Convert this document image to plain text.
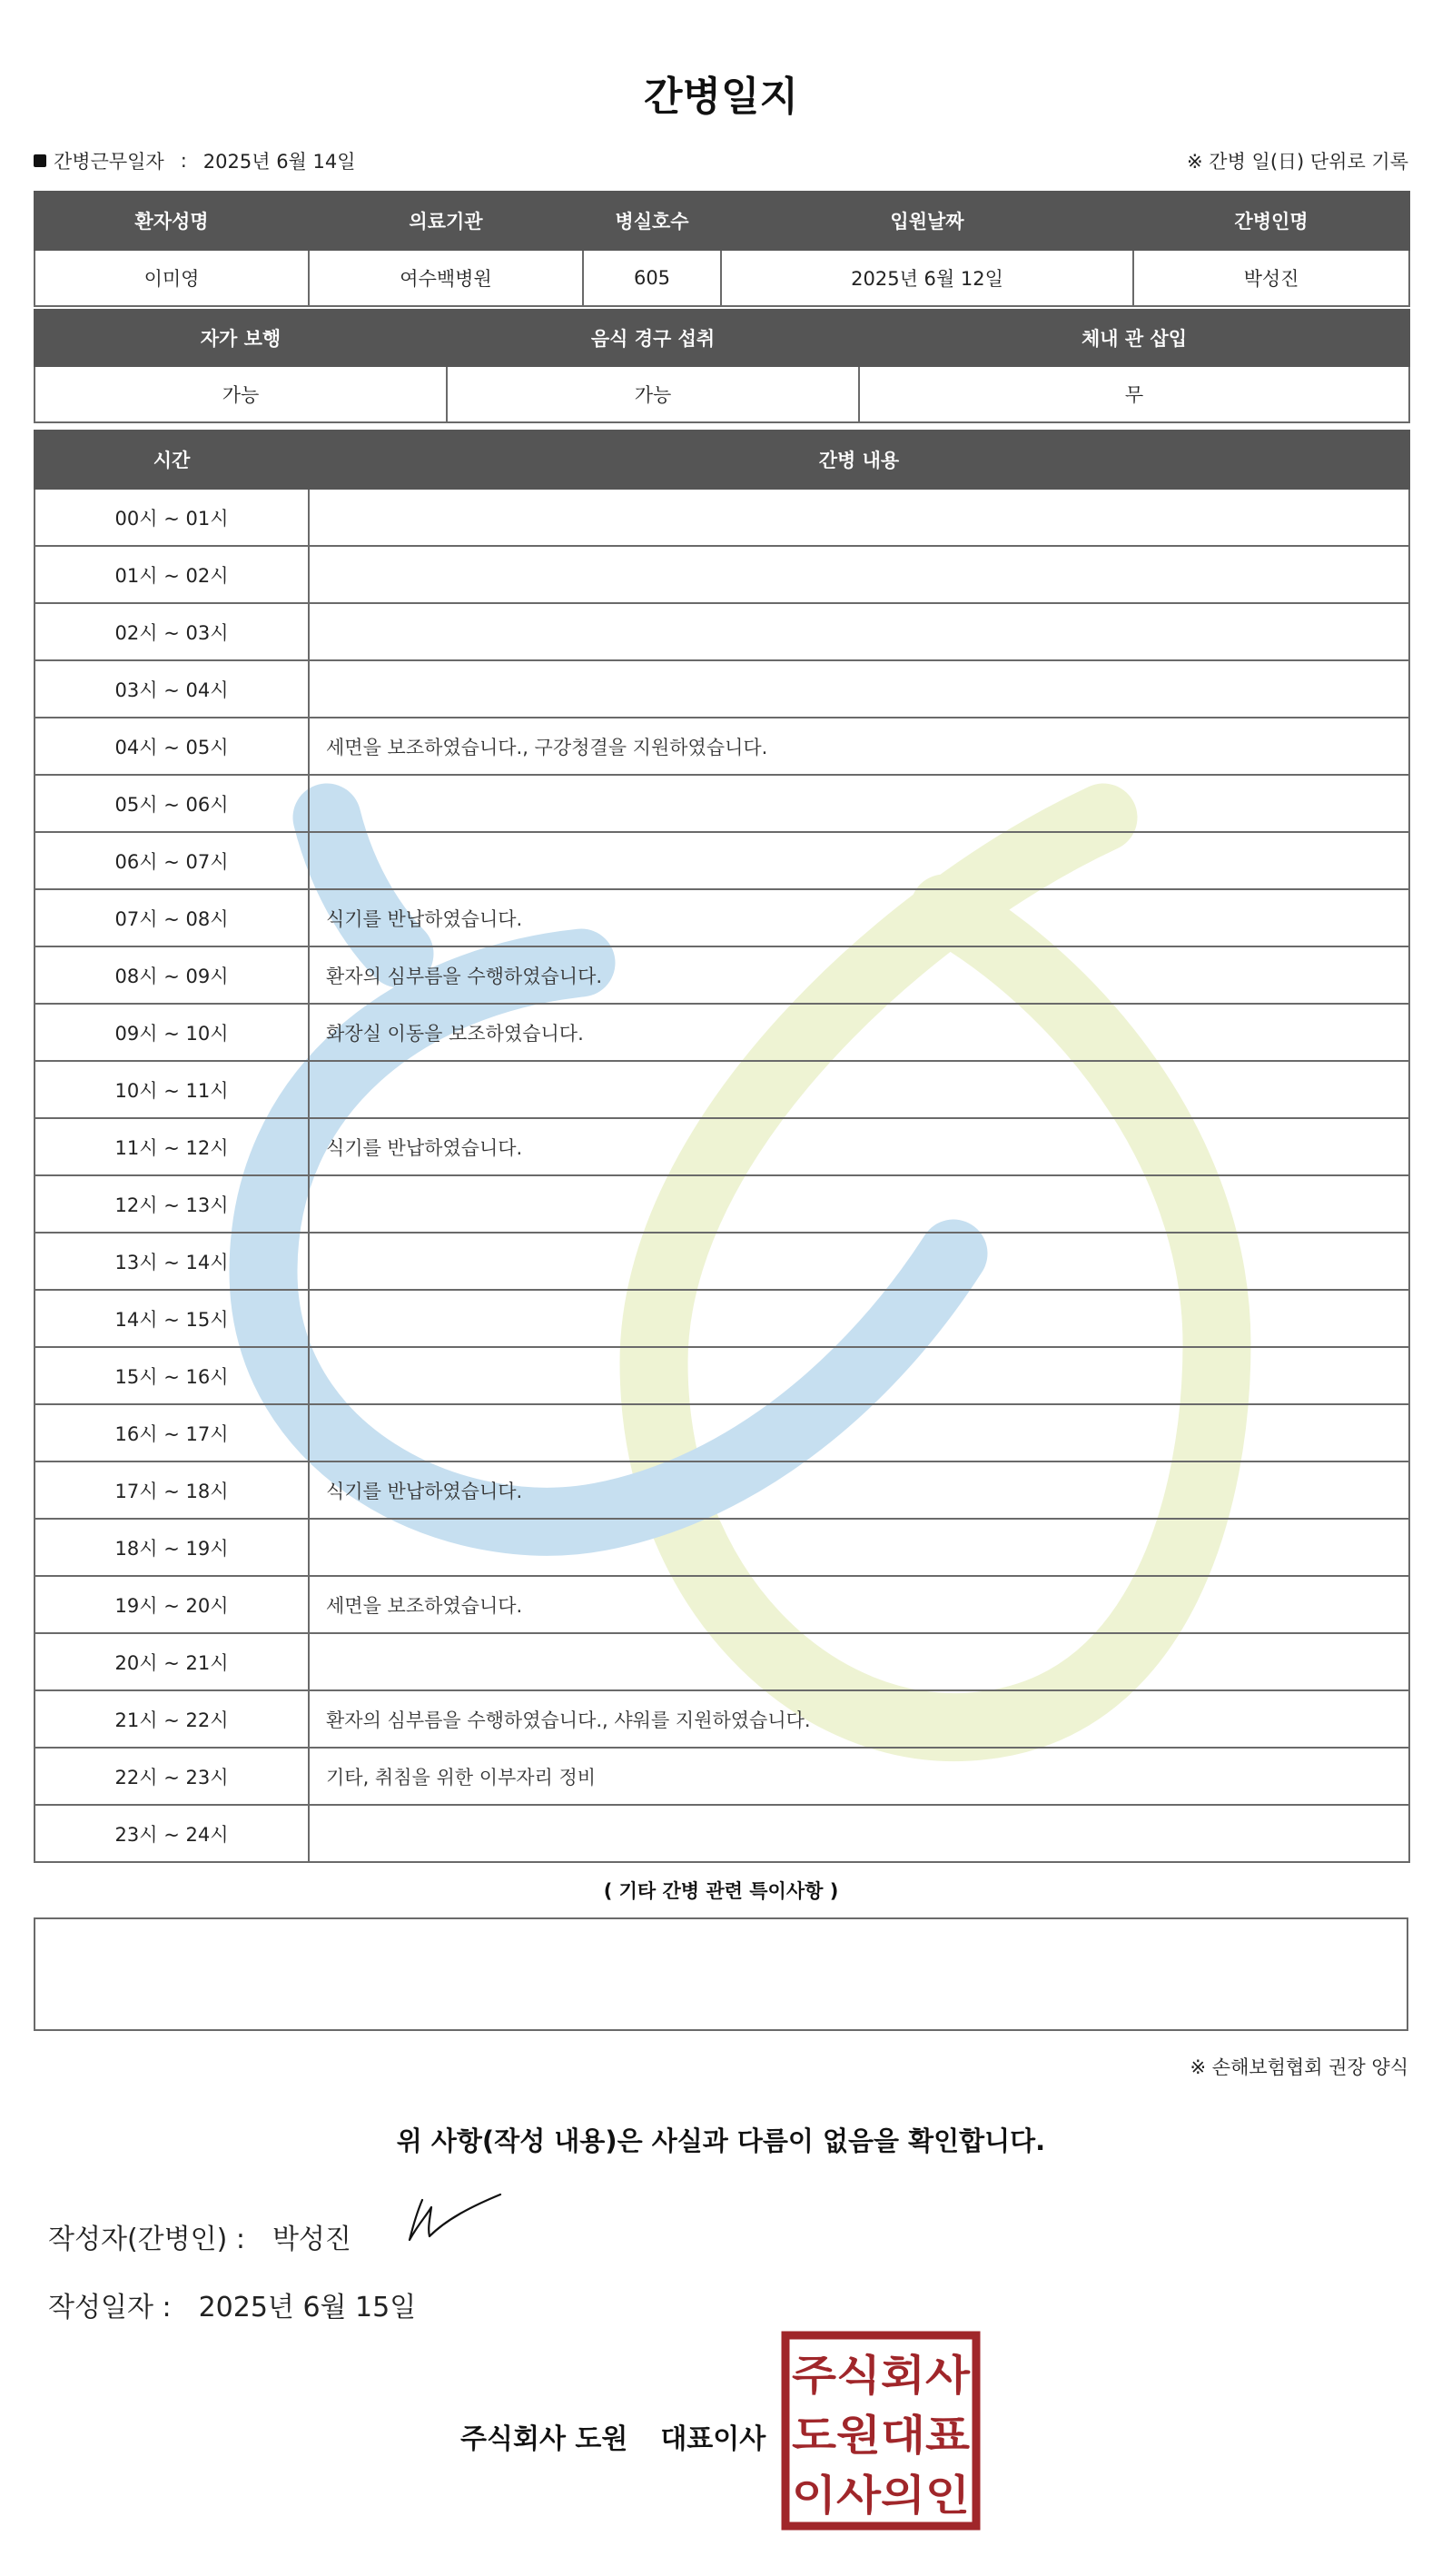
간병일지
간병근무일자 : 2025년 6월 14일	※ 간병 일(日) 단위로 기록
환자성명	의료기관	병실호수	입원날짜	간병인명
이미영	여수백병원	605	2025년 6월 12일	박성진
자가 보행	음식 경구 섭취	체내 관 삽입
가능	가능	무
시간	간병 내용
00시 ~ 01시	
01시 ~ 02시	
02시 ~ 03시	
03시 ~ 04시	
04시 ~ 05시	세면을 보조하였습니다., 구강청결을 지원하였습니다.
05시 ~ 06시	
06시 ~ 07시	
07시 ~ 08시	식기를 반납하였습니다.
08시 ~ 09시	환자의 심부름을 수행하였습니다.
09시 ~ 10시	화장실 이동을 보조하였습니다.
10시 ~ 11시	
11시 ~ 12시	식기를 반납하였습니다.
12시 ~ 13시	
13시 ~ 14시	
14시 ~ 15시	
15시 ~ 16시	
16시 ~ 17시	
17시 ~ 18시	식기를 반납하였습니다.
18시 ~ 19시	
19시 ~ 20시	세면을 보조하였습니다.
20시 ~ 21시	
21시 ~ 22시	환자의 심부름을 수행하였습니다., 샤워를 지원하였습니다.
22시 ~ 23시	기타, 취침을 위한 이부자리 정비
23시 ~ 24시	
( 기타 간병 관련 특이사항 )
※ 손해보험협회 권장 양식
위 사항(작성 내용)은 사실과 다름이 없음을 확인합니다.
작성자(간병인) : 박성진
작성일자 : 2025년 6월 15일
주식회사 도원 대표이사
주식회사
도원대표
이사의인
